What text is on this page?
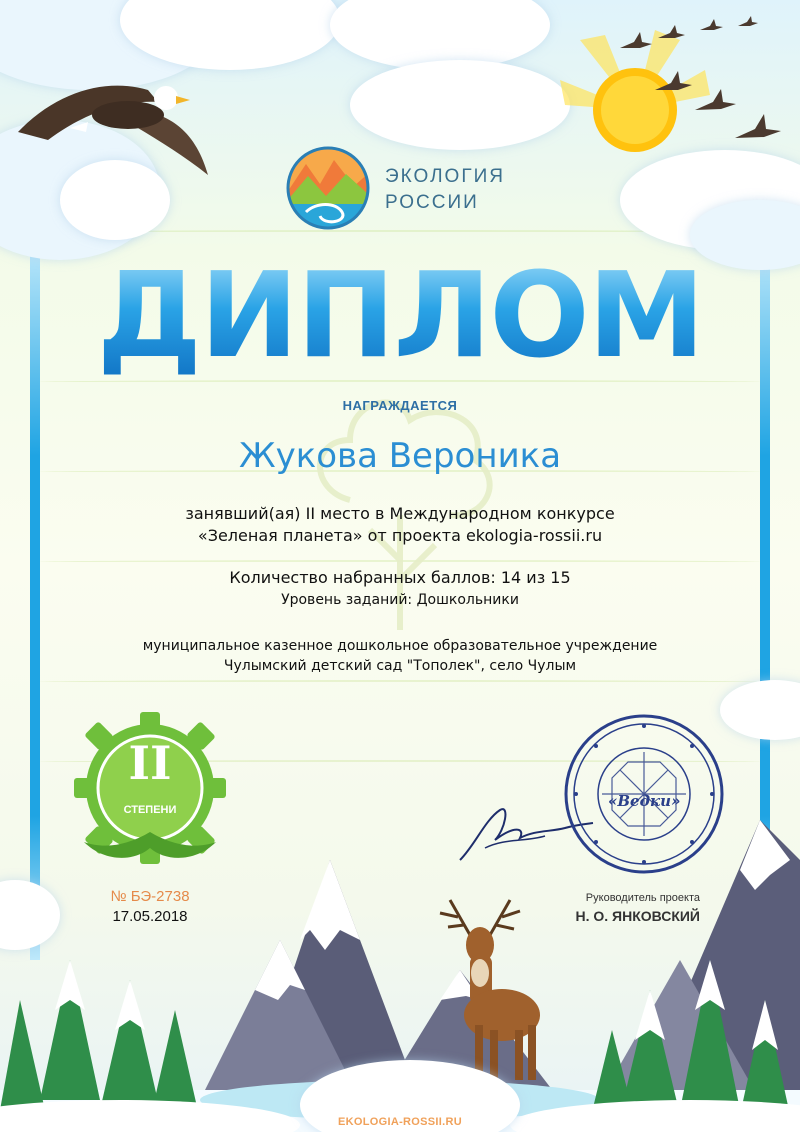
ЭКОЛОГИЯ
РОССИИ
ДИПЛОМ
НАГРАЖДАЕТСЯ
Жукова Вероника
занявший(ая) II место в Международном конкурсе
«Зеленая планета» от проекта ekologia-rossii.ru
Количество набранных баллов: 14 из 15
Уровень заданий: Дошкольники
муниципальное казенное дошкольное образовательное учреждение
Чулымский детский сад "Тополек", село Чулым
II
СТЕПЕНИ
№ БЭ-2738
17.05.2018
«Ведки»
Руководитель проекта
Н. О. ЯНКОВСКИЙ
EKOLOGIA-ROSSII.RU
